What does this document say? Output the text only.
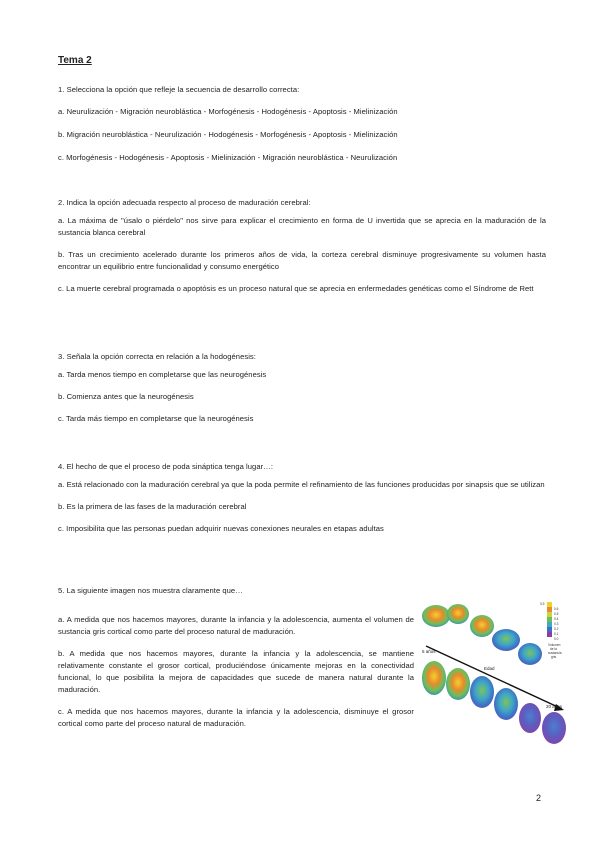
Tema 2

1. Selecciona la opción que refleje la secuencia de desarrollo correcta:

a. Neurulización - Migración neuroblástica - Morfogénesis - Hodogénesis - Apoptosis - Mielinización

b. Migración neuroblástica - Neurulización - Hodogénesis - Morfogénesis - Apoptosis - Mielinización

c. Morfogénesis - Hodogénesis - Apoptosis - Mielinización - Migración neuroblástica - Neurulización

2. Indica la opción adecuada respecto al proceso de maduración cerebral:

a. La máxima de "úsalo o piérdelo" nos sirve para explicar el crecimiento en forma de U invertida que se aprecia en la maduración de la sustancia blanca cerebral

b. Tras un crecimiento acelerado durante los primeros años de vida, la corteza cerebral disminuye progresivamente su volumen hasta encontrar un equilibrio entre funcionalidad y consumo energético

c. La muerte cerebral programada o apoptósis es un proceso natural que se aprecia en enfermedades genéticas como el Síndrome de Rett

3. Señala la opción correcta en relación a la hodogénesis:

a. Tarda menos tiempo en completarse que las neurogénesis

b. Comienza antes que la neurogénesis

c. Tarda más tiempo en completarse que la neurogénesis

4. El hecho de que el proceso de poda sináptica tenga lugar…:

a. Está relacionado con la maduración cerebral ya que la poda permite el refinamiento de las funciones producidas por sinapsis que se utilizan

b. Es la primera de las fases de la maduración cerebral

c. Imposibilita que las personas puedan adquirir nuevas conexiones neurales en etapas adultas

5. La siguiente imagen nos muestra claramente que…

a. A medida que nos hacemos mayores, durante la infancia y la adolescencia, aumenta el volumen de sustancia gris cortical como parte del proceso natural de maduración.

b. A medida que nos hacemos mayores, durante la infancia y la adolescencia, se mantiene relativamente constante el grosor cortical, produciéndose únicamente mejoras en la conectividad funcional, lo que posibilita la mejora de capacidades que sucede de manera natural durante la maduración.

c. A medida que nos hacemos mayores, durante la infancia y la adolescencia, disminuye el grosor cortical como parte del proceso natural de maduración.

5 años
Edad
20 años
0.9
0.6
0.5
0.4
0.3
0.2
0.1
0.0
Volumen
de la
sustancia
gris
2
